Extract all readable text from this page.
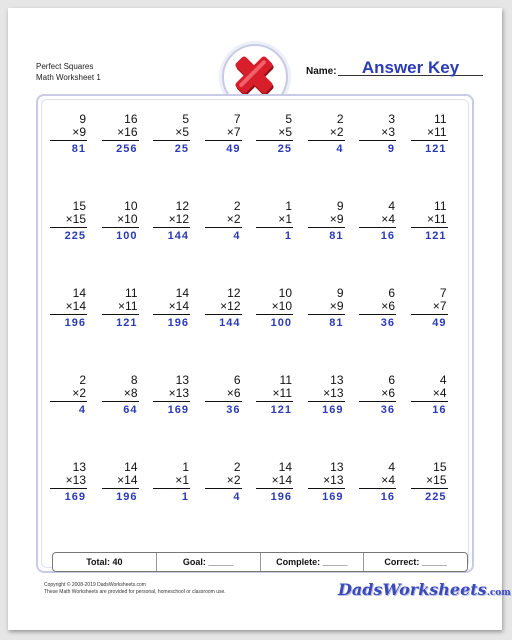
Perfect Squares
Math Worksheet 1
Name:	Answer Key
9
×9
81
16
×16
256
5
×5
25
7
×7
49
5
×5
25
2
×2
4
3
×3
9
11
×11
121
15
×15
225
10
×10
100
12
×12
144
2
×2
4
1
×1
1
9
×9
81
4
×4
16
11
×11
121
14
×14
196
11
×11
121
14
×14
196
12
×12
144
10
×10
100
9
×9
81
6
×6
36
7
×7
49
2
×2
4
8
×8
64
13
×13
169
6
×6
36
11
×11
121
13
×13
169
6
×6
36
4
×4
16
13
×13
169
14
×14
196
1
×1
1
2
×2
4
14
×14
196
13
×13
169
4
×4
16
15
×15
225
Total: 40	Goal: _____	Complete: _____	Correct: _____
Copyright © 2008-2019 DadsWorksheets.com
These Math Worksheets are provided for personal, homeschool or classroom use.	DadsWorksheets.com
